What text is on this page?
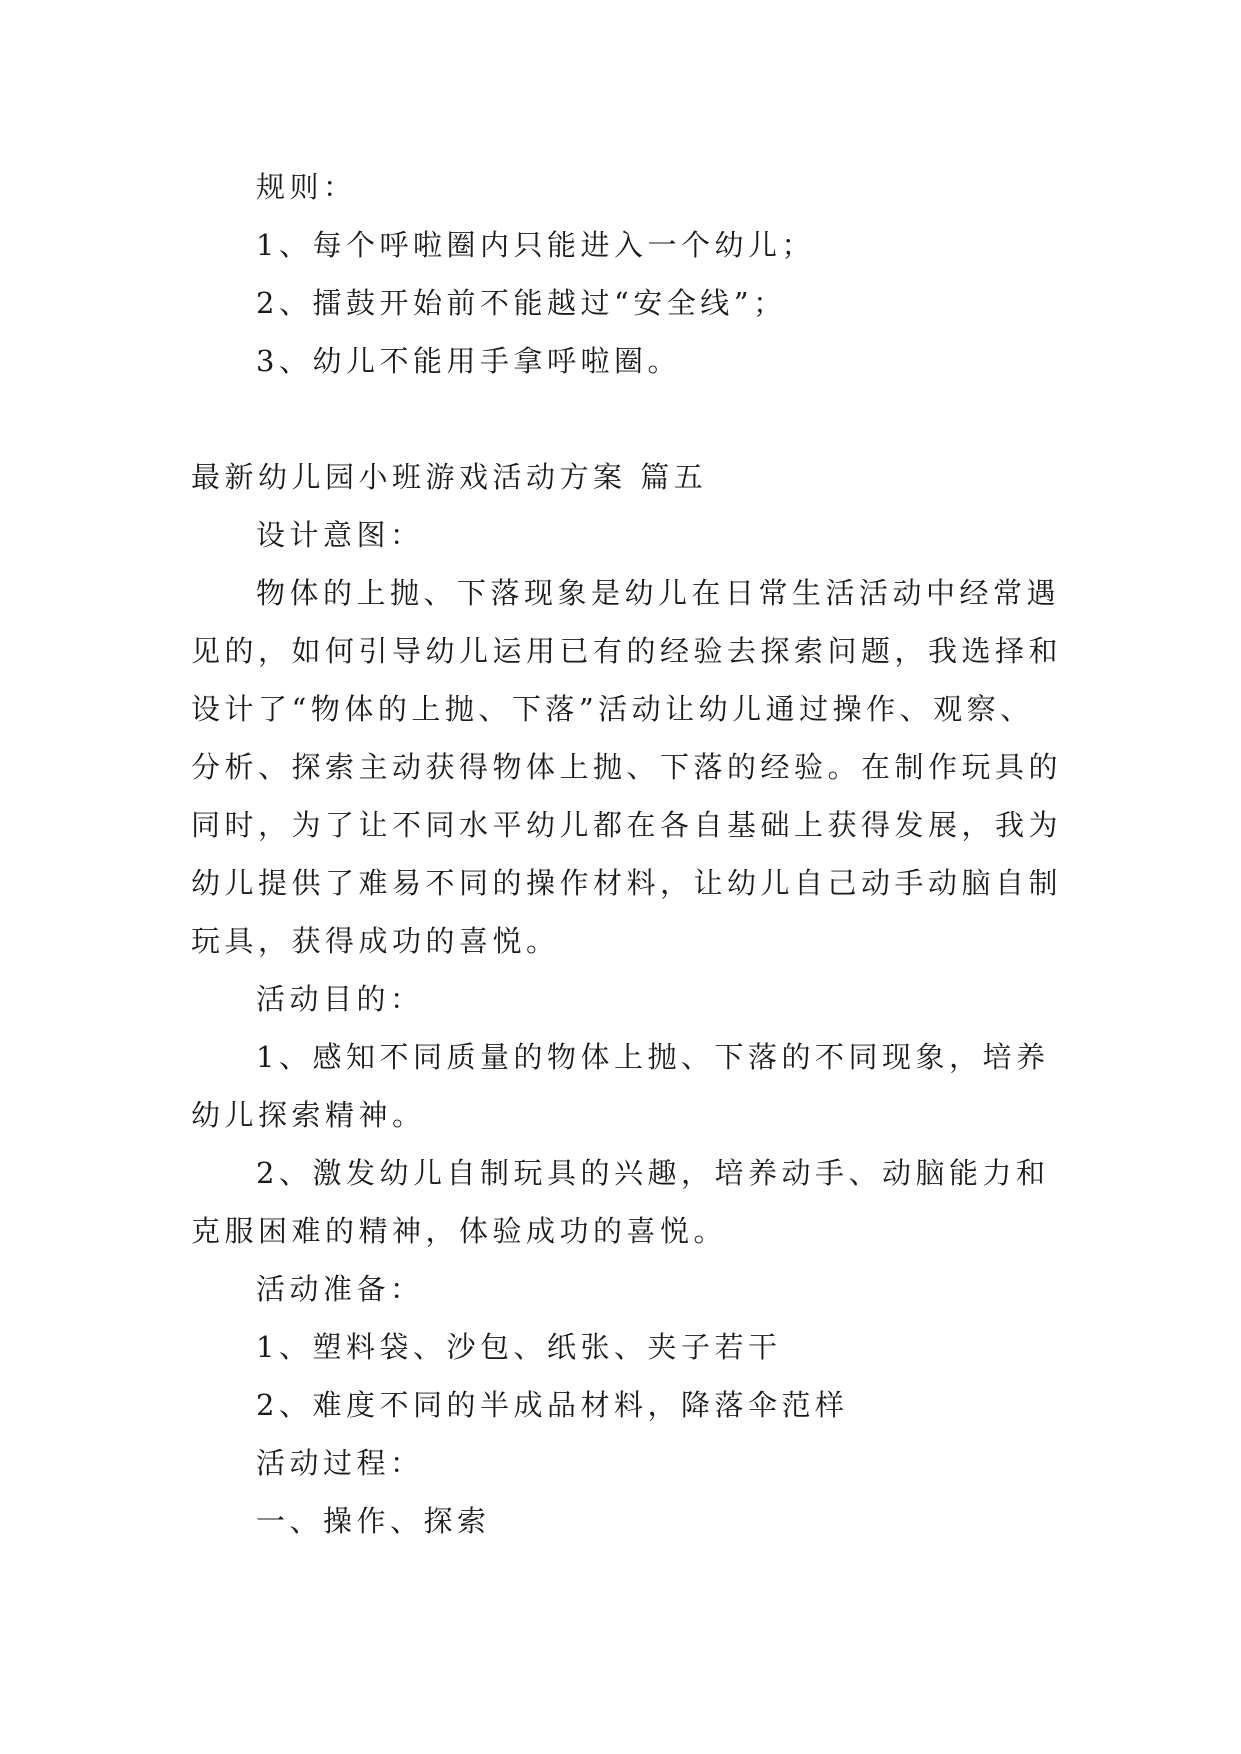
规则：
1、每个呼啦圈内只能进入一个幼儿；
2、擂鼓开始前不能越过“安全线”；
3、幼儿不能用手拿呼啦圈。
最新幼儿园小班游戏活动方案 篇五
设计意图：
物体的上抛、下落现象是幼儿在日常生活活动中经常遇
见的，如何引导幼儿运用已有的经验去探索问题，我选择和
设计了“物体的上抛、下落”活动让幼儿通过操作、观察、
分析、探索主动获得物体上抛、下落的经验。在制作玩具的
同时，为了让不同水平幼儿都在各自基础上获得发展，我为
幼儿提供了难易不同的操作材料，让幼儿自己动手动脑自制
玩具，获得成功的喜悦。
活动目的：
1、感知不同质量的物体上抛、下落的不同现象，培养
幼儿探索精神。
2、激发幼儿自制玩具的兴趣，培养动手、动脑能力和
克服困难的精神，体验成功的喜悦。
活动准备：
1、塑料袋、沙包、纸张、夹子若干
2、难度不同的半成品材料，降落伞范样
活动过程：
一、操作、探索
